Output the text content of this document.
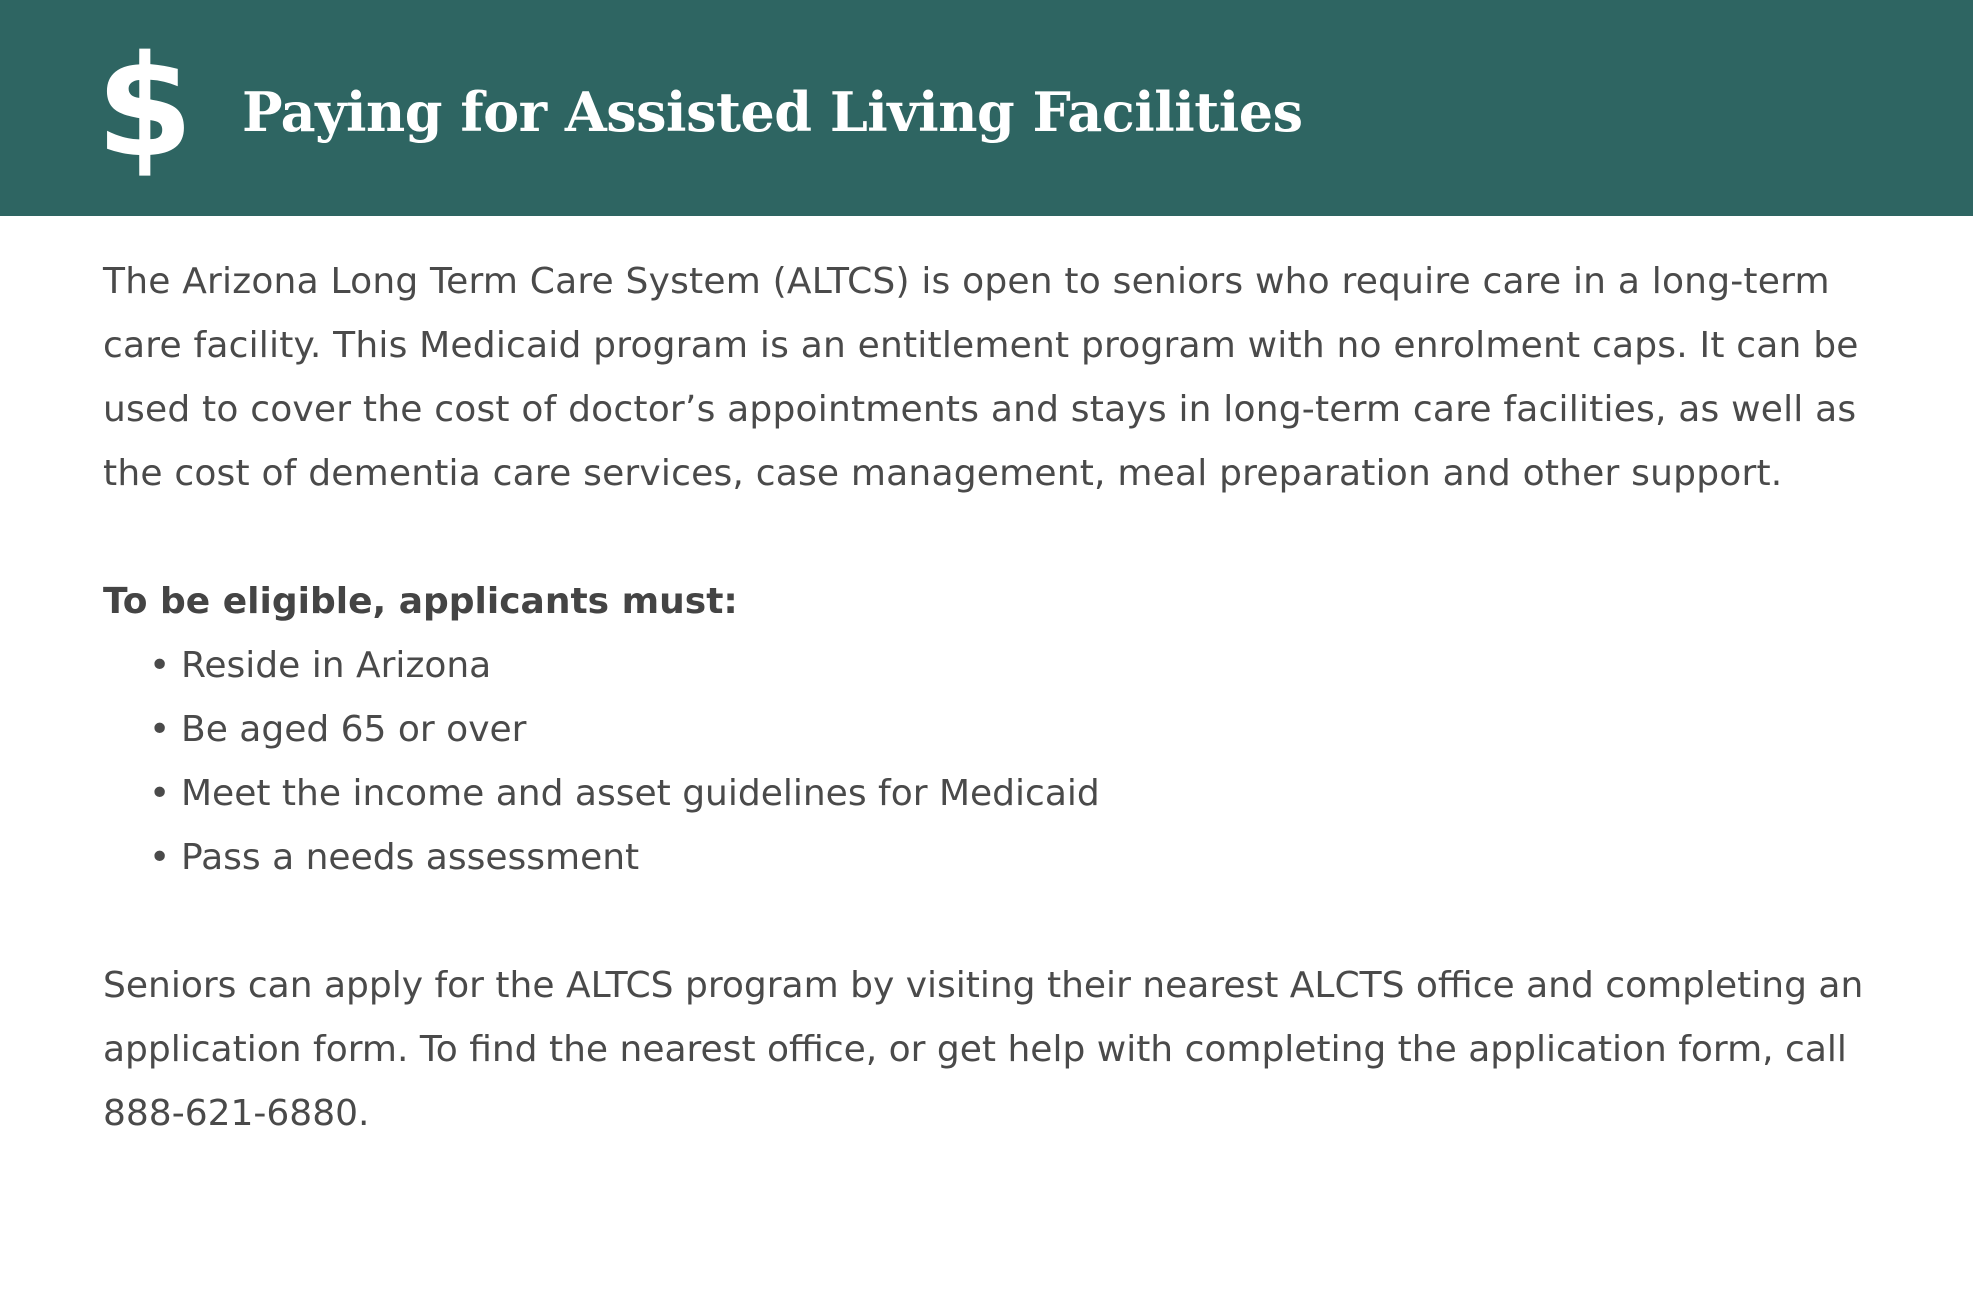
$ Paying for Assisted Living Facilities

The Arizona Long Term Care System (ALTCS) is open to seniors who require care in a long-term care facility. This Medicaid program is an entitlement program with no enrolment caps. It can be used to cover the cost of doctor’s appointments and stays in long-term care facilities, as well as the cost of dementia care services, case management, meal preparation and other support.

To be eligible, applicants must:

• Reside in Arizona
• Be aged 65 or over
• Meet the income and asset guidelines for Medicaid
• Pass a needs assessment

Seniors can apply for the ALTCS program by visiting their nearest ALCTS office and completing an application form. To find the nearest office, or get help with completing the application form, call 888-621-6880.
